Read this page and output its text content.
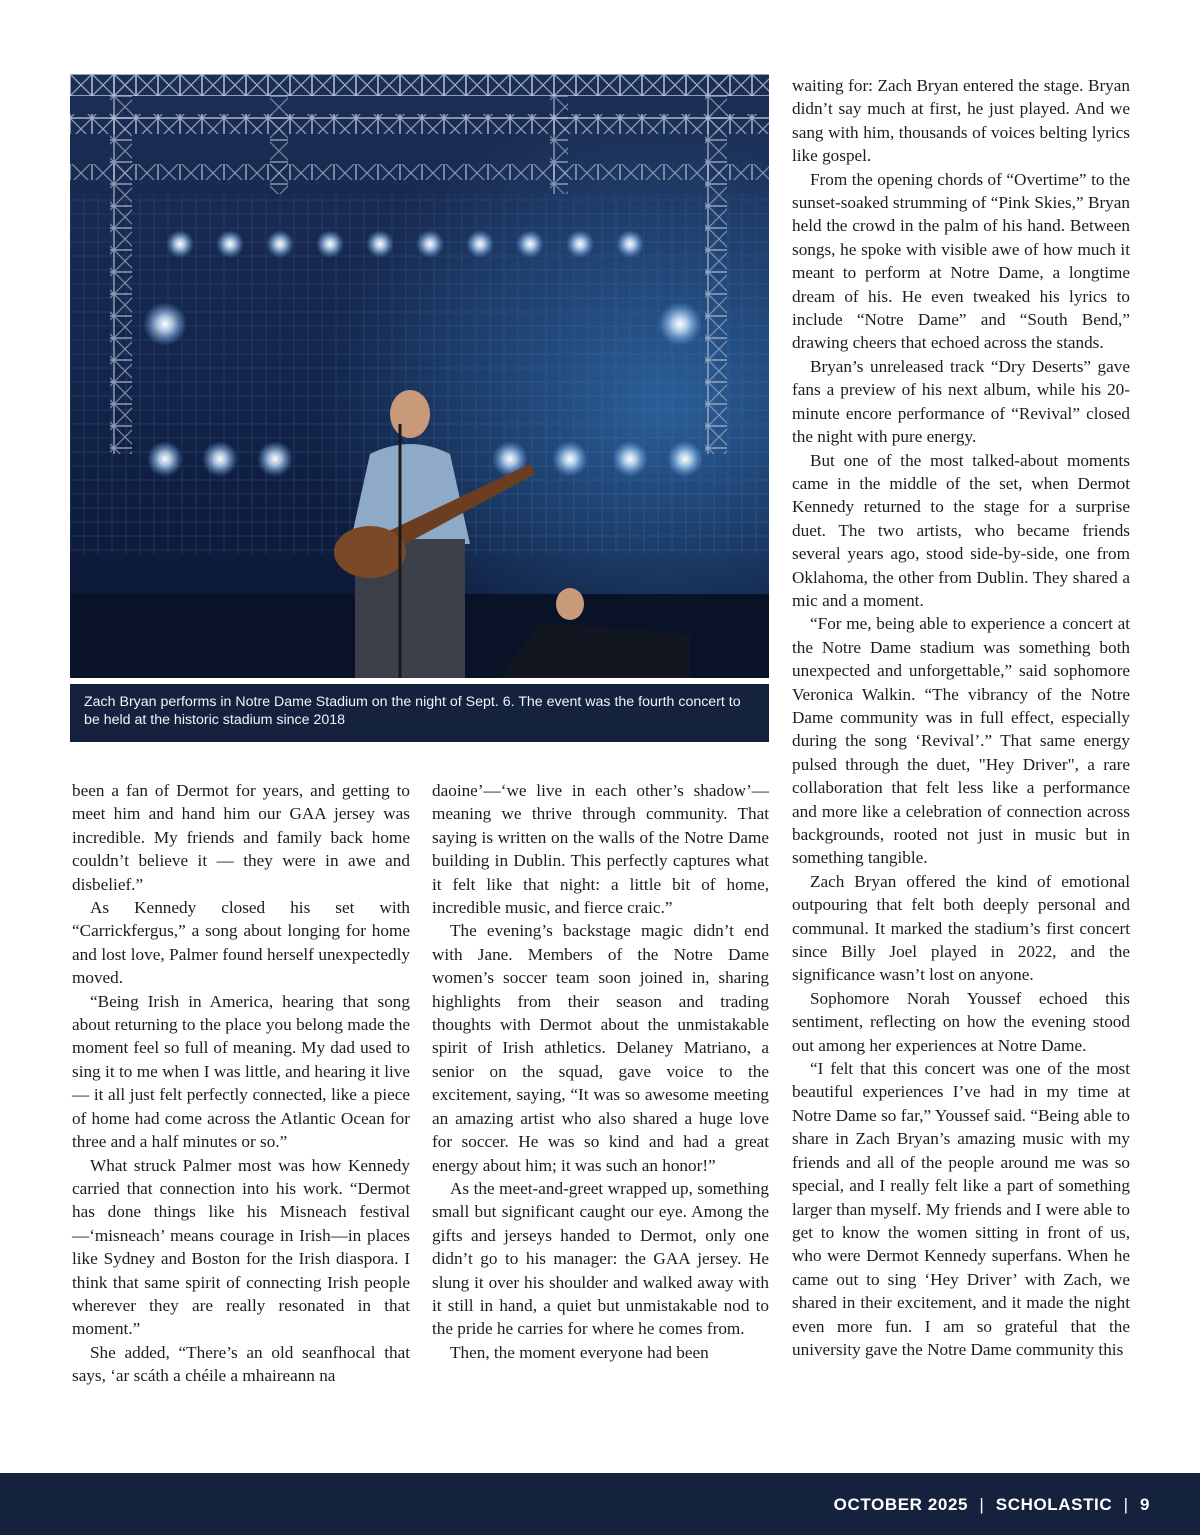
Zach Bryan performs in Notre Dame Stadium on the night of Sept. 6. The event was the fourth concert to be held at the historic stadium since 2018

been a fan of Dermot for years, and getting to meet him and hand him our GAA jersey was incredible. My friends and family back home couldn’t believe it — they were in awe and disbelief.”

As Kennedy closed his set with “Carrickfergus,” a song about longing for home and lost love, Palmer found herself unexpectedly moved.

“Being Irish in America, hearing that song about returning to the place you belong made the moment feel so full of meaning. My dad used to sing it to me when I was little, and hearing it live — it all just felt perfectly connected, like a piece of home had come across the Atlantic Ocean for three and a half minutes or so.”

What struck Palmer most was how Kennedy carried that connection into his work. “Dermot has done things like his Misneach festival—‘misneach’ means courage in Irish—in places like Sydney and Boston for the Irish diaspora. I think that same spirit of connecting Irish people wherever they are really resonated in that moment.”

She added, “There’s an old seanfhocal that says, ‘ar scáth a chéile a mhaireann na

daoine’—‘we live in each other’s shadow’—meaning we thrive through community. That saying is written on the walls of the Notre Dame building in Dublin. This perfectly captures what it felt like that night: a little bit of home, incredible music, and fierce craic.”

The evening’s backstage magic didn’t end with Jane. Members of the Notre Dame women’s soccer team soon joined in, sharing highlights from their season and trading thoughts with Dermot about the unmistakable spirit of Irish athletics. Delaney Matriano, a senior on the squad, gave voice to the excitement, saying, “It was so awesome meeting an amazing artist who also shared a huge love for soccer. He was so kind and had a great energy about him; it was such an honor!”

As the meet-and-greet wrapped up, something small but significant caught our eye. Among the gifts and jerseys handed to Dermot, only one didn’t go to his manager: the GAA jersey. He slung it over his shoulder and walked away with it still in hand, a quiet but unmistakable nod to the pride he carries for where he comes from.

Then, the moment everyone had been

waiting for: Zach Bryan entered the stage. Bryan didn’t say much at first, he just played. And we sang with him, thousands of voices belting lyrics like gospel.

From the opening chords of “Overtime” to the sunset-soaked strumming of “Pink Skies,” Bryan held the crowd in the palm of his hand. Between songs, he spoke with visible awe of how much it meant to perform at Notre Dame, a longtime dream of his. He even tweaked his lyrics to include “Notre Dame” and “South Bend,” drawing cheers that echoed across the stands.

Bryan’s unreleased track “Dry Deserts” gave fans a preview of his next album, while his 20-minute encore performance of “Revival” closed the night with pure energy.

But one of the most talked-about moments came in the middle of the set, when Dermot Kennedy returned to the stage for a surprise duet. The two artists, who became friends several years ago, stood side-by-side, one from Oklahoma, the other from Dublin. They shared a mic and a moment.

“For me, being able to experience a concert at the Notre Dame stadium was something both unexpected and unforgettable,” said sophomore Veronica Walkin. “The vibrancy of the Notre Dame community was in full effect, especially during the song ‘Revival’.” That same energy pulsed through the duet, "Hey Driver", a rare collaboration that felt less like a performance and more like a celebration of connection across backgrounds, rooted not just in music but in something tangible.

Zach Bryan offered the kind of emotional outpouring that felt both deeply personal and communal. It marked the stadium’s first concert since Billy Joel played in 2022, and the significance wasn’t lost on anyone.

Sophomore Norah Youssef echoed this sentiment, reflecting on how the evening stood out among her experiences at Notre Dame.

“I felt that this concert was one of the most beautiful experiences I’ve had in my time at Notre Dame so far,” Youssef said. “Being able to share in Zach Bryan’s amazing music with my friends and all of the people around me was so special, and I really felt like a part of something larger than myself. My friends and I were able to get to know the women sitting in front of us, who were Dermot Kennedy superfans. When he came out to sing ‘Hey Driver’ with Zach, we shared in their excitement, and it made the night even more fun. I am so grateful that the university gave the Notre Dame community this

OCTOBER 2025 | SCHOLASTIC | 9
